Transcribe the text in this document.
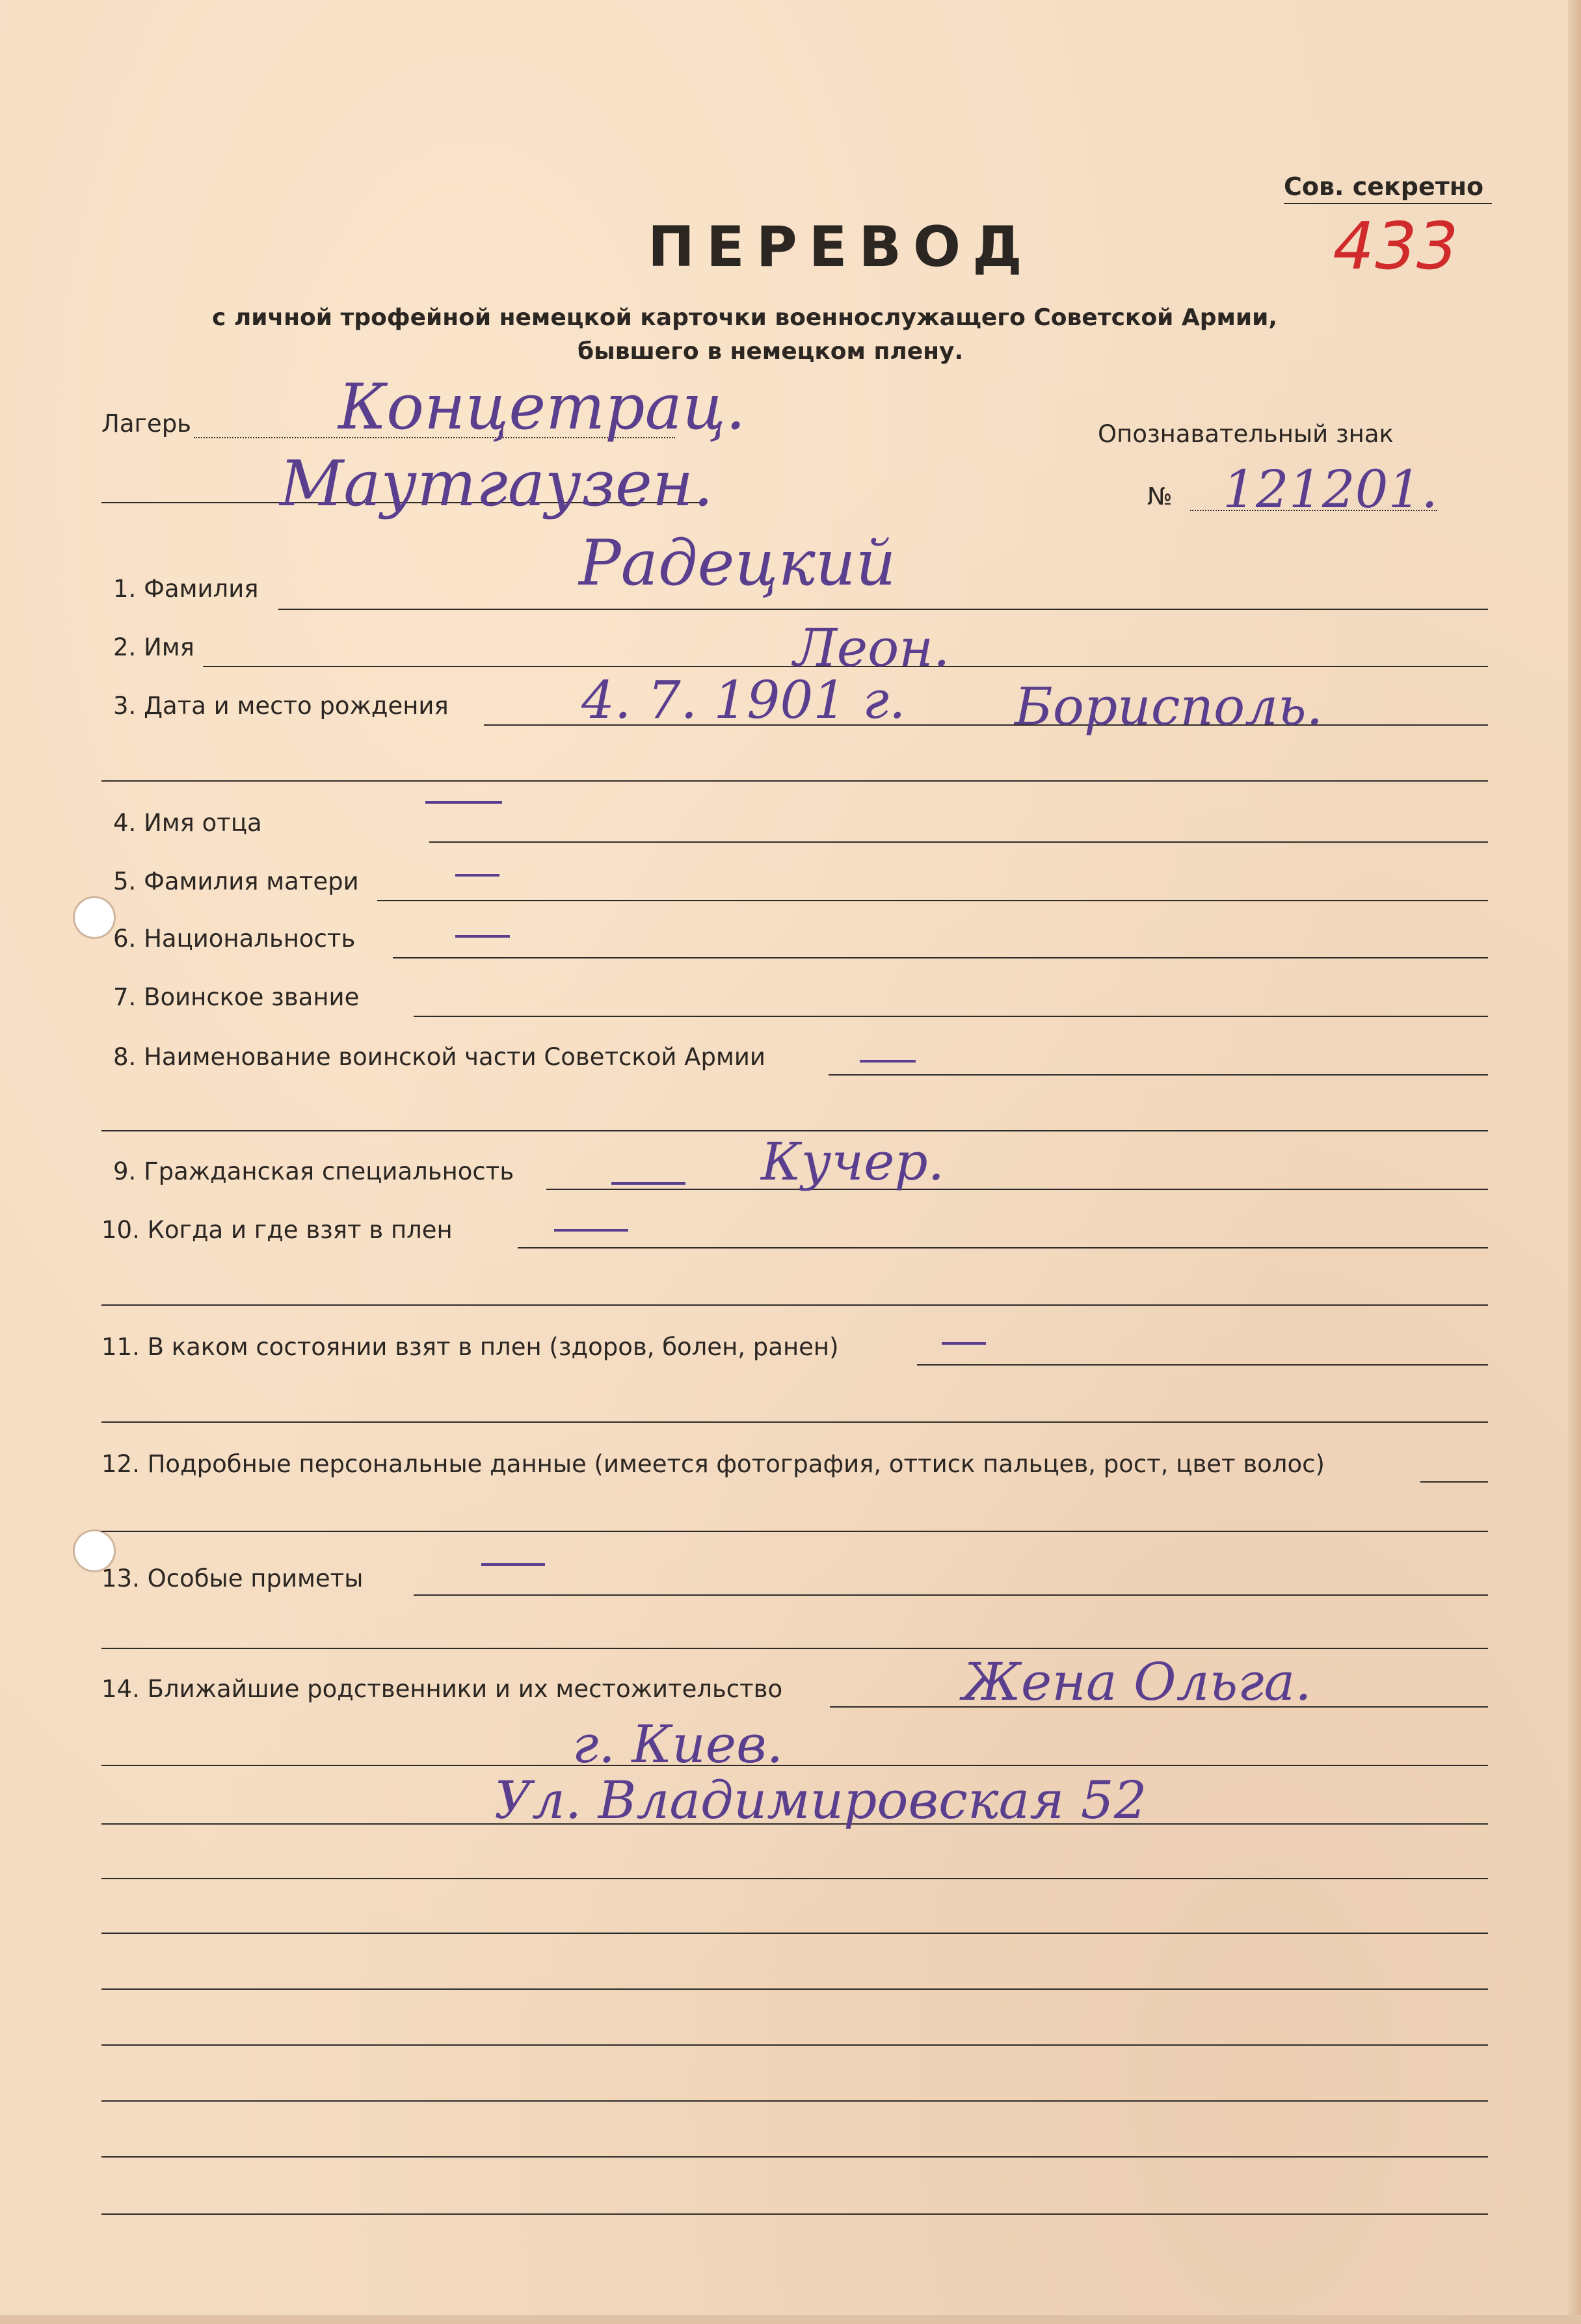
Сов. секретно
433
ПЕРЕВОД
с личной трофейной немецкой карточки военнослужащего Советской Армии,
бывшего в немецком плену.
Лагерь Концетрац.
Маутгаузен.
Опознавательный знак
№ 121201.
1. Фамилия	Радецкий
2. Имя	Леон.
3. Дата и место рождения	4. 7. 1901 г. Борисполь.
4. Имя отца
5. Фамилия матери
6. Национальность
7. Воинское звание
8. Наименование воинской части Советской Армии
9. Гражданская специальность	Кучер.
10. Когда и где взят в плен
11. В каком состоянии взят в плен (здоров, болен, ранен)
12. Подробные персональные данные (имеется фотография, оттиск пальцев, рост, цвет волос)
13. Особые приметы
14. Ближайшие родственники и их местожительство	Жена Ольга.
г. Киев.
Ул. Владимировская 52
